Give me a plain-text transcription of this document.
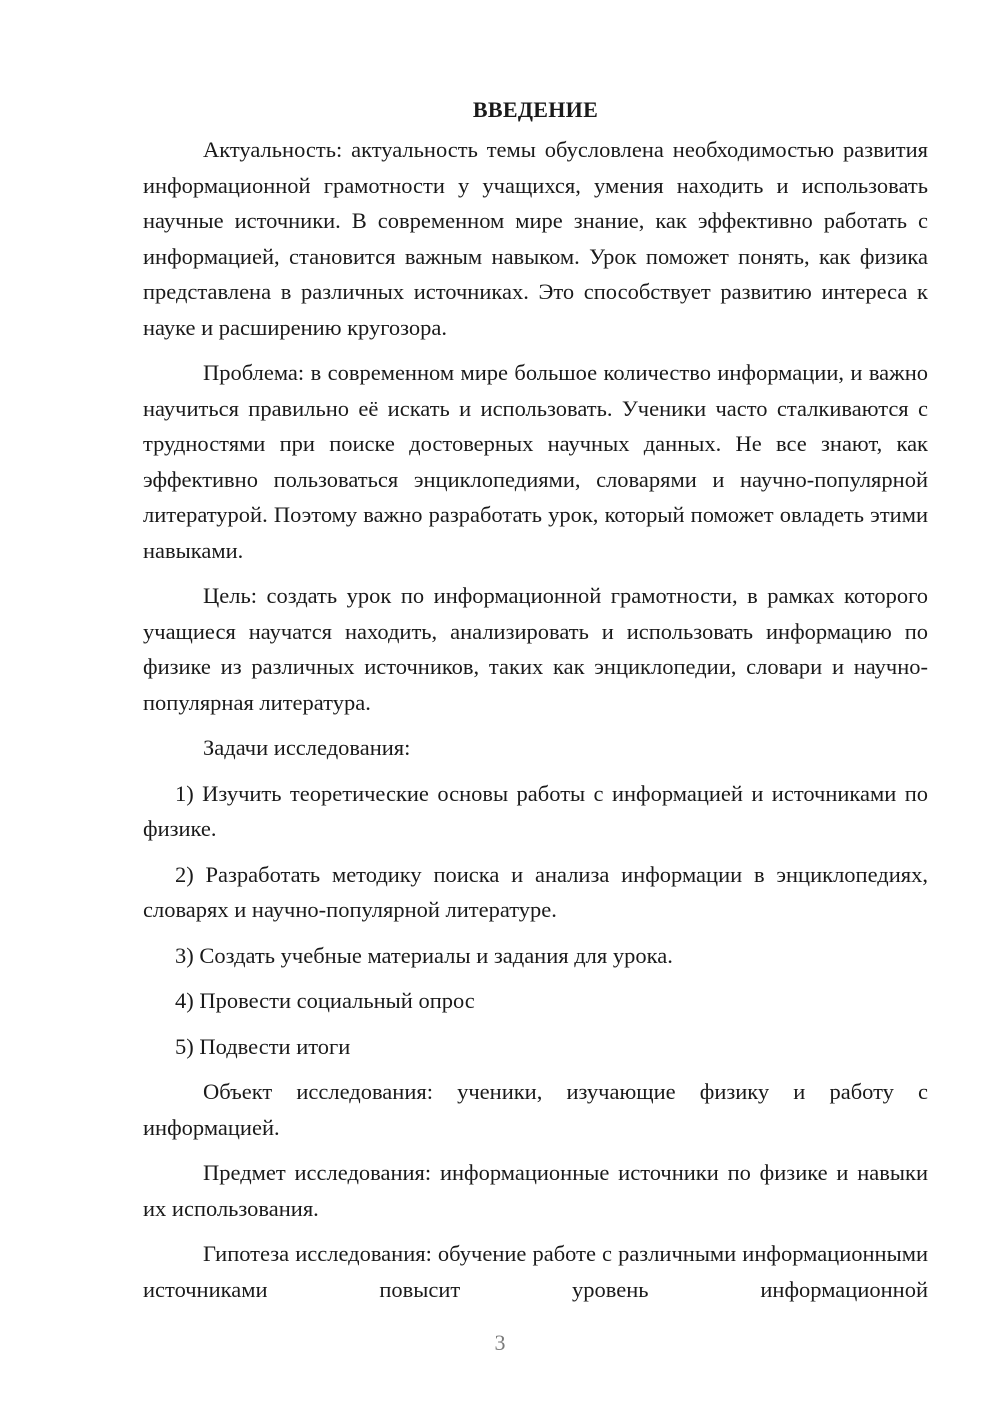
ВВЕДЕНИЕ

Актуальность: актуальность темы обусловлена необходимостью развития информационной грамотности у учащихся, умения находить и использовать научные источники. В современном мире знание, как эффективно работать с информацией, становится важным навыком. Урок поможет понять, как физика представлена в различных источниках. Это способствует развитию интереса к науке и расширению кругозора.

Проблема: в современном мире большое количество информации, и важно научиться правильно её искать и использовать. Ученики часто сталкиваются с трудностями при поиске достоверных научных данных. Не все знают, как эффективно пользоваться энциклопедиями, словарями и научно-популярной литературой. Поэтому важно разработать урок, который поможет овладеть этими навыками.

Цель: создать урок по информационной грамотности, в рамках которого учащиеся научатся находить, анализировать и использовать информацию по физике из различных источников, таких как энциклопедии, словари и научно-популярная литература.

Задачи исследования:

1) Изучить теоретические основы работы с информацией и источниками по физике.

2) Разработать методику поиска и анализа информации в энциклопедиях, словарях и научно-популярной литературе.

3) Создать учебные материалы и задания для урока.

4) Провести социальный опрос

5) Подвести итоги

Объект исследования: ученики, изучающие физику и работу с информацией.

Предмет исследования: информационные источники по физике и навыки их использования.

Гипотеза исследования: обучение работе с различными информационными источниками повысит уровень информационной

3
